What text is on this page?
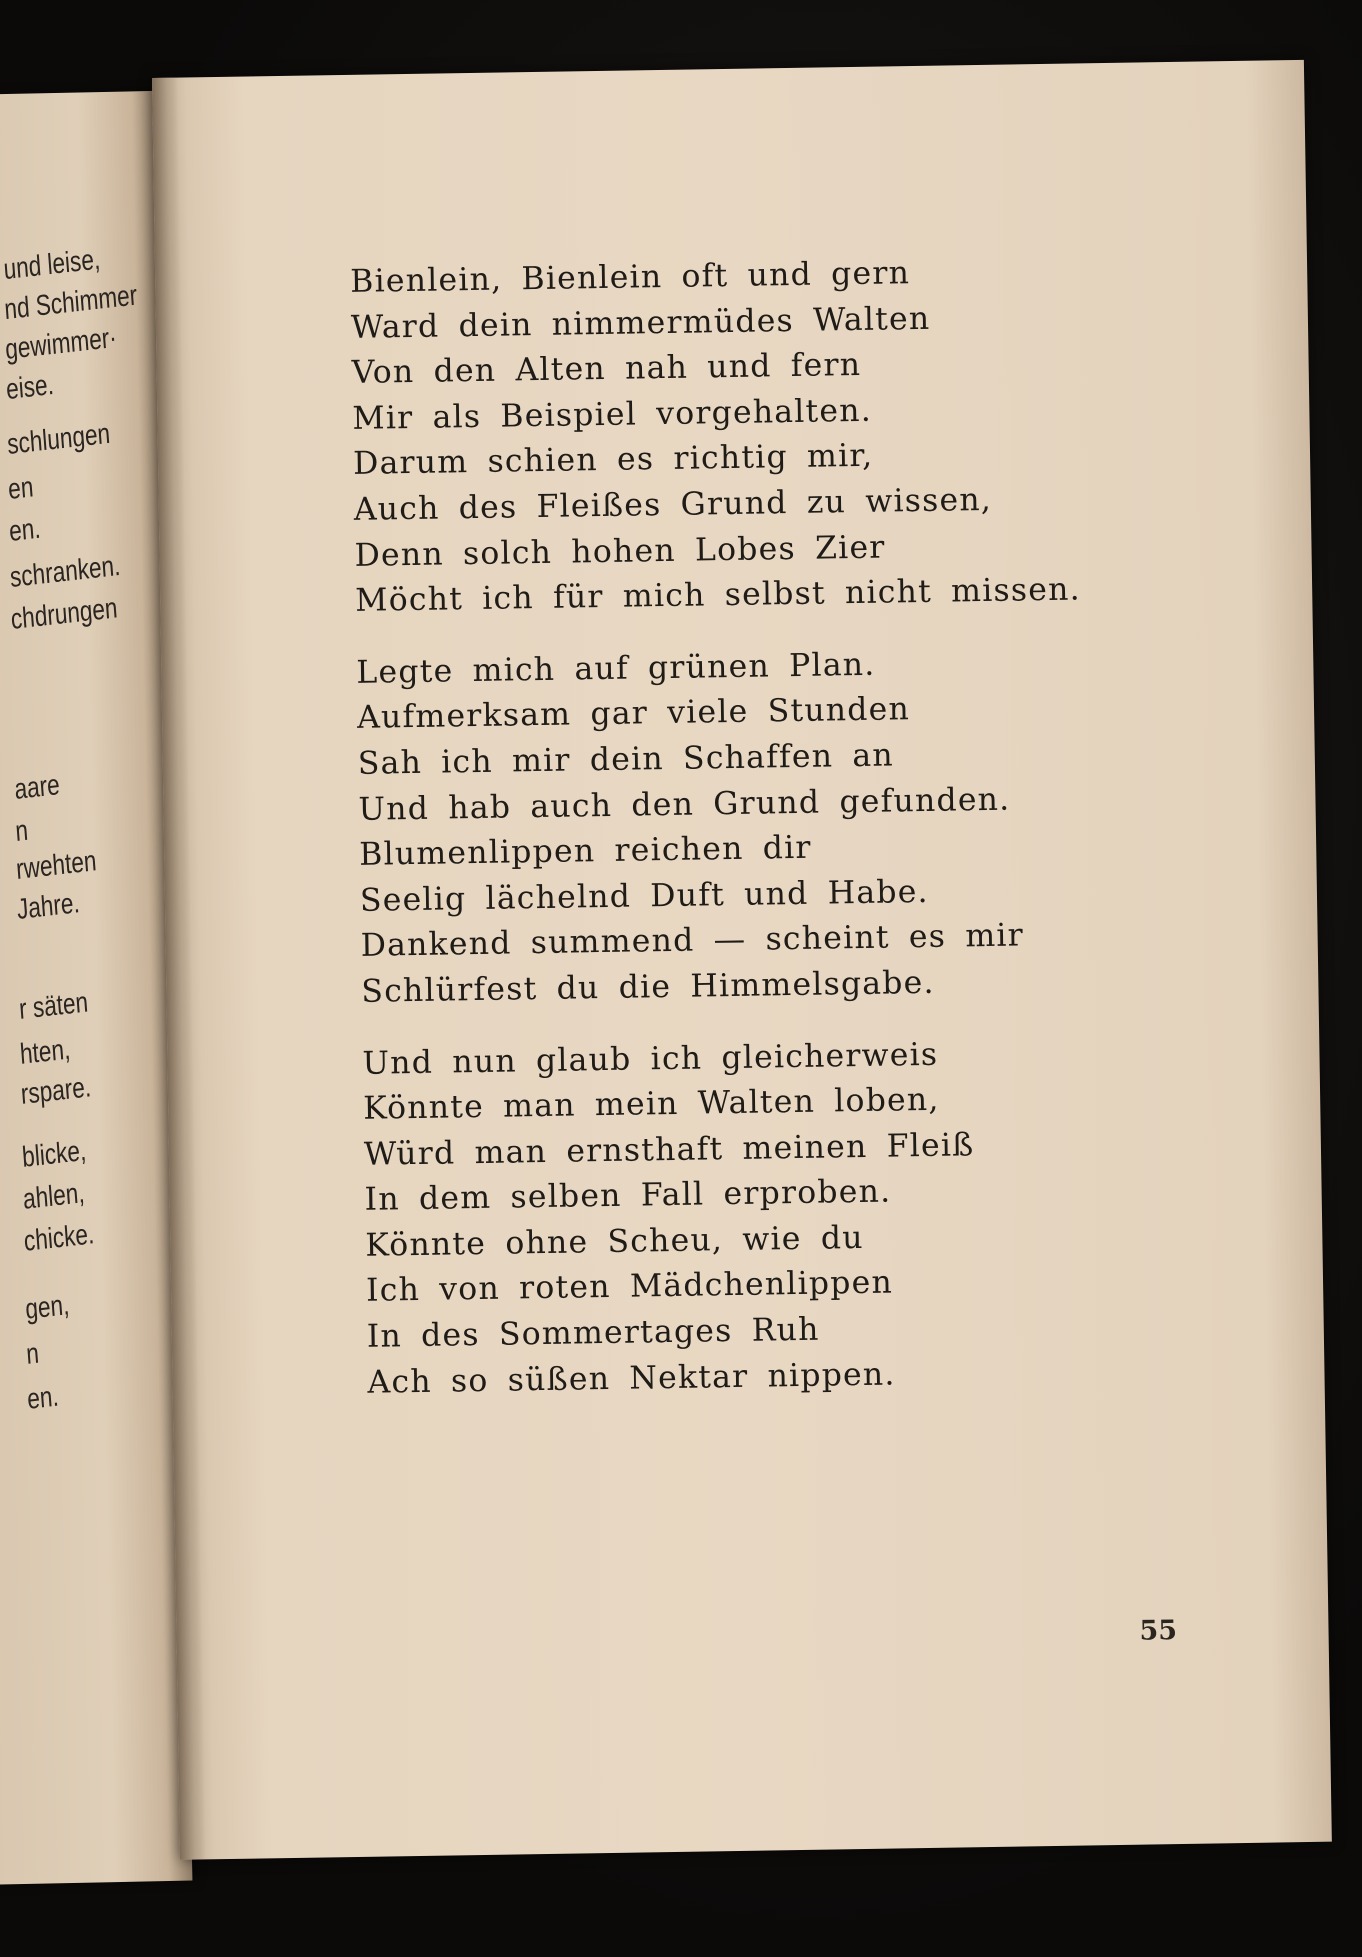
und leise,
nd Schimmer
gewimmer·
eise.
schlungen
en
en.
schranken.
chdrungen
aare
n
rwehten
Jahre.
r säten
hten,
rspare.
blicke,
ahlen,
chicke.
gen,
n
en.
Bienlein, Bienlein oft und gern
Ward dein nimmermüdes Walten
Von den Alten nah und fern
Mir als Beispiel vorgehalten.
Darum schien es richtig mir,
Auch des Fleißes Grund zu wissen,
Denn solch hohen Lobes Zier
Möcht ich für mich selbst nicht missen.
Legte mich auf grünen Plan.
Aufmerksam gar viele Stunden
Sah ich mir dein Schaffen an
Und hab auch den Grund gefunden.
Blumenlippen reichen dir
Seelig lächelnd Duft und Habe.
Dankend summend — scheint es mir
Schlürfest du die Himmelsgabe.
Und nun glaub ich gleicherweis
Könnte man mein Walten loben,
Würd man ernsthaft meinen Fleiß
In dem selben Fall erproben.
Könnte ohne Scheu, wie du
Ich von roten Mädchenlippen
In des Sommertages Ruh
Ach so süßen Nektar nippen.
55
